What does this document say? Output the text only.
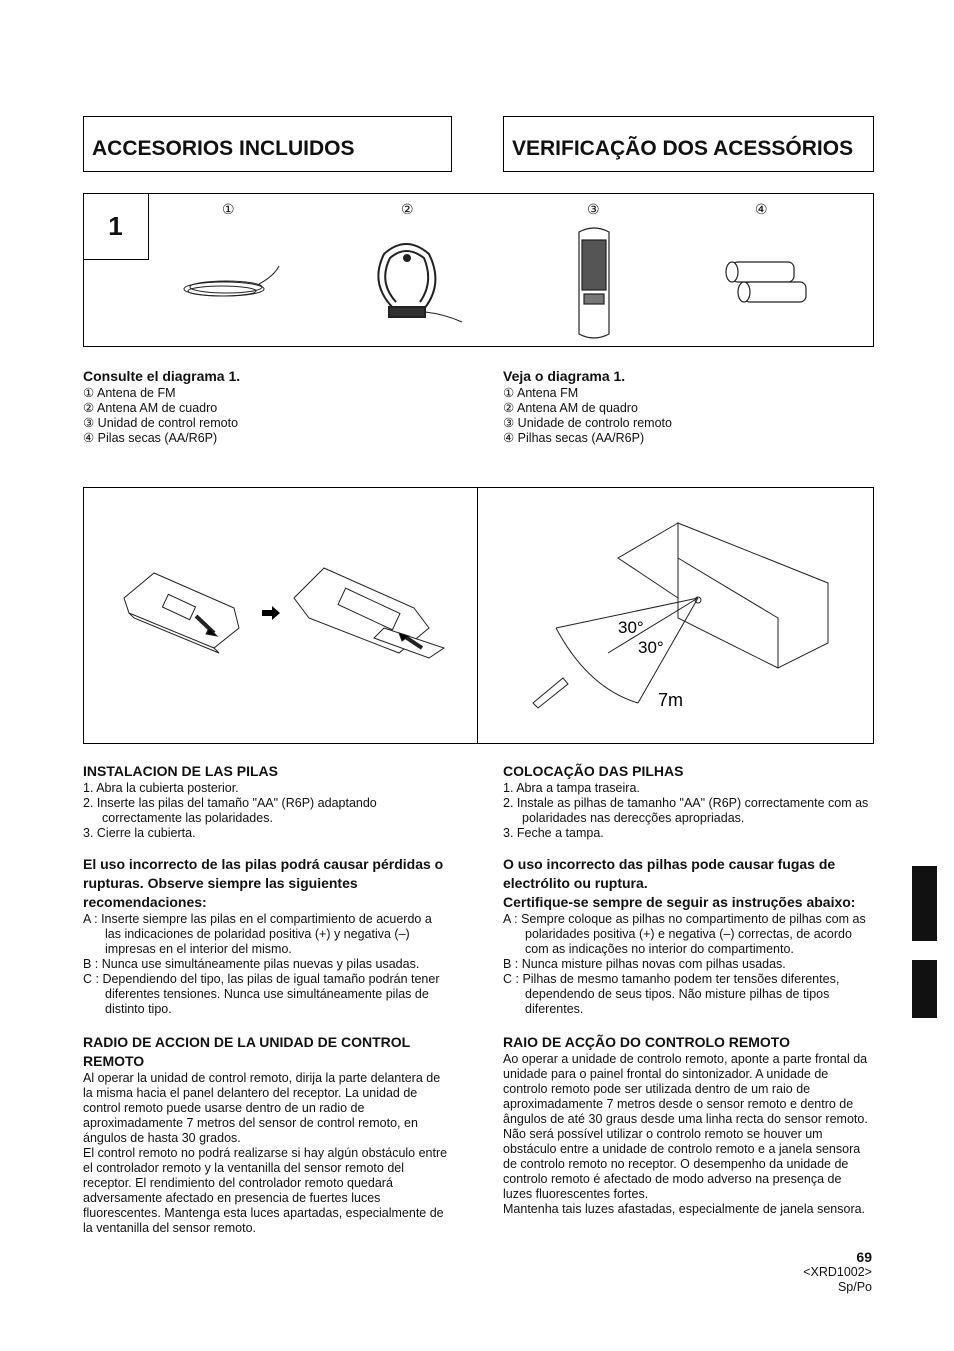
ACCESORIOS INCLUIDOS	VERIFICAÇÃO DOS ACESSÓRIOS
1
①	②	③	④
Consulte el diagrama 1.
① Antena de FM
② Antena AM de cuadro
③ Unidad de control remoto
④ Pilas secas (AA/R6P)
Veja o diagrama 1.
① Antena FM
② Antena AM de quadro
③ Unidade de controlo remoto
④ Pilhas secas (AA/R6P)
30°
30°
7m
INSTALACION DE LAS PILAS
1. Abra la cubierta posterior.
2. Inserte las pilas del tamaño "AA" (R6P) adaptando correctamente las polaridades.
3. Cierre la cubierta.
El uso incorrecto de las pilas podrá causar pérdidas o rupturas. Observe siempre las siguientes recomendaciones:
A : Inserte siempre las pilas en el compartimiento de acuerdo a las indicaciones de polaridad positiva (+) y negativa (–) impresas en el interior del mismo.
B : Nunca use simultáneamente pilas nuevas y pilas usadas.
C : Dependiendo del tipo, las pilas de igual tamaño podrán tener diferentes tensiones. Nunca use simultáneamente pilas de distinto tipo.
RADIO DE ACCION DE LA UNIDAD DE CONTROL REMOTO

Al operar la unidad de control remoto, dirija la parte delantera de la misma hacia el panel delantero del receptor. La unidad de control remoto puede usarse dentro de un radio de aproximadamente 7 metros del sensor de control remoto, en ángulos de hasta 30 grados.

El control remoto no podrá realizarse si hay algún obstáculo entre el controlador remoto y la ventanilla del sensor remoto del receptor. El rendimiento del controlador remoto quedará adversamente afectado en presencia de fuertes luces fluorescentes. Mantenga esta luces apartadas, especialmente de la ventanilla del sensor remoto.

COLOCAÇÃO DAS PILHAS
1. Abra a tampa traseira.
2. Instale as pilhas de tamanho "AA" (R6P) correctamente com as polaridades nas derecções apropriadas.
3. Feche a tampa.
O uso incorrecto das pilhas pode causar fugas de electrólito ou ruptura.
Certifique-se sempre de seguir as instruções abaixo:
A : Sempre coloque as pilhas no compartimento de pilhas com as polaridades positiva (+) e negativa (–) correctas, de acordo com as indicações no interior do compartimento.
B : Nunca misture pilhas novas com pilhas usadas.
C : Pilhas de mesmo tamanho podem ter tensões diferentes, dependendo de seus tipos. Não misture pilhas de tipos diferentes.
RAIO DE ACÇÃO DO CONTROLO REMOTO

Ao operar a unidade de controlo remoto, aponte a parte frontal da unidade para o painel frontal do sintonizador. A unidade de controlo remoto pode ser utilizada dentro de um raio de aproximadamente 7 metros desde o sensor remoto e dentro de ângulos de até 30 graus desde uma linha recta do sensor remoto. Não será possível utilizar o controlo remoto se houver um obstáculo entre a unidade de controlo remoto e a janela sensora de controlo remoto no receptor. O desempenho da unidade de controlo remoto é afectado de modo adverso na presença de luzes fluorescentes fortes.

Mantenha tais luzes afastadas, especialmente de janela sensora.

69
<XRD1002>
Sp/Po
